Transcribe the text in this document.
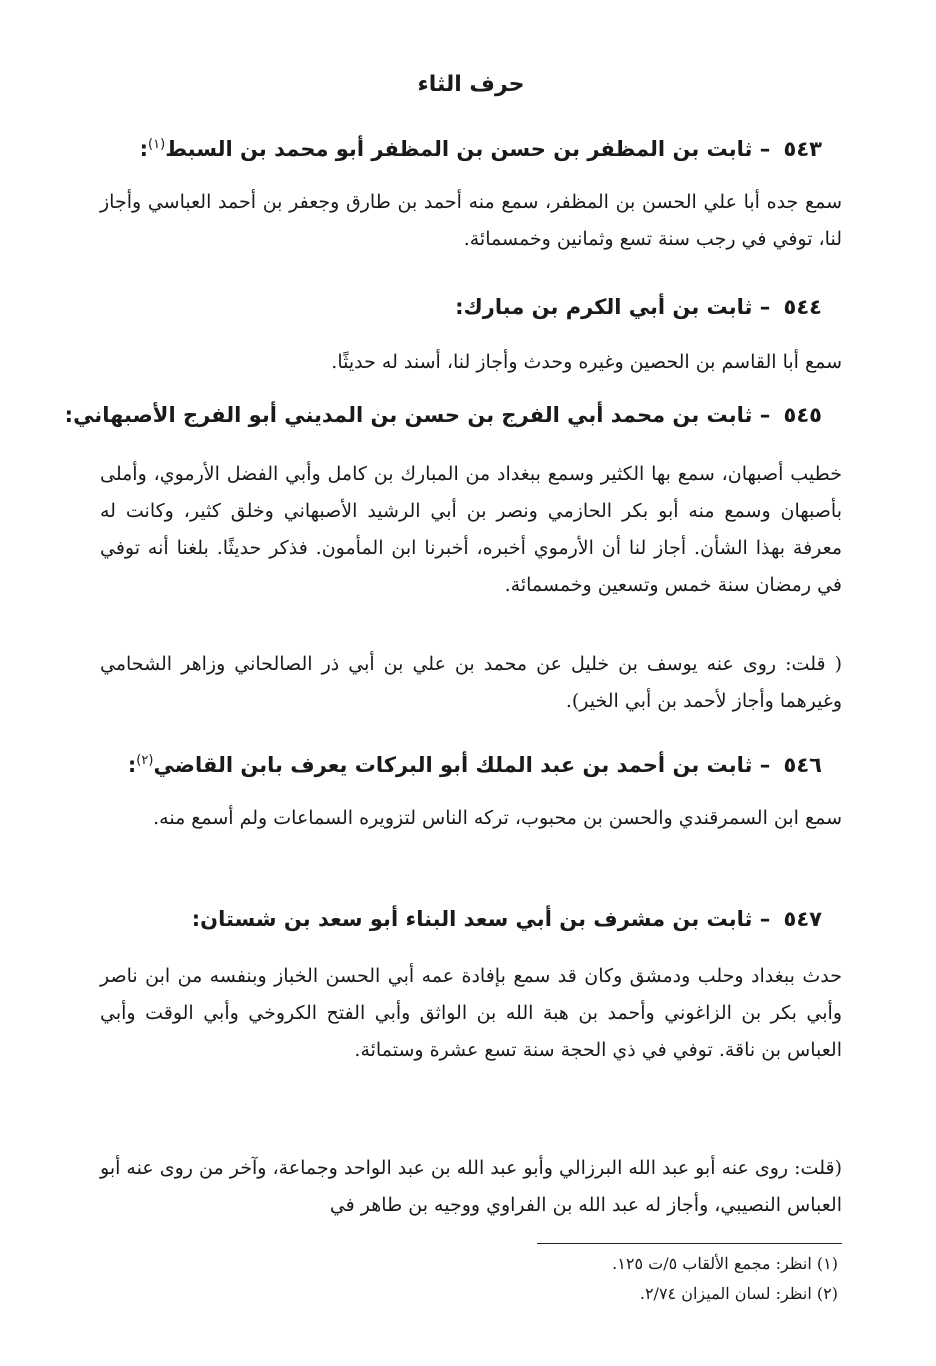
حرف الثاء
٥٤٣ – ثابت بن المظفر بن حسن بن المظفر أبو محمد بن السبط$^{(١)}$:
سمع جده أبا علي الحسن بن المظفر، سمع منه أحمد بن طارق وجعفر بن أحمد العباسي وأجاز لنا، توفي في رجب سنة تسع وثمانين وخمسمائة.
٥٤٤ – ثابت بن أبي الكرم بن مبارك:
سمع أبا القاسم بن الحصين وغيره وحدث وأجاز لنا، أسند له حديثًا.
٥٤٥ – ثابت بن محمد أبي الفرج بن حسن بن المديني أبو الفرج الأصبهاني:
خطيب أصبهان، سمع بها الكثير وسمع ببغداد من المبارك بن كامل وأبي الفضل الأرموي، وأملى بأصبهان وسمع منه أبو بكر الحازمي ونصر بن أبي الرشيد الأصبهاني وخلق كثير، وكانت له معرفة بهذا الشأن. أجاز لنا أن الأرموي أخبره، أخبرنا ابن المأمون. فذكر حديثًا. بلغنا أنه توفي في رمضان سنة خمس وتسعين وخمسمائة.
( قلت: روى عنه يوسف بن خليل عن محمد بن علي بن أبي ذر الصالحاني وزاهر الشحامي وغيرهما وأجاز لأحمد بن أبي الخير).
٥٤٦ – ثابت بن أحمد بن عبد الملك أبو البركات يعرف بابن القاضي$^{(٢)}$:
سمع ابن السمرقندي والحسن بن محبوب، تركه الناس لتزويره السماعات ولم أسمع منه.
٥٤٧ – ثابت بن مشرف بن أبي سعد البناء أبو سعد بن شستان:
حدث ببغداد وحلب ودمشق وكان قد سمع بإفادة عمه أبي الحسن الخباز وبنفسه من ابن ناصر وأبي بكر بن الزاغوني وأحمد بن هبة الله بن الواثق وأبي الفتح الكروخي وأبي الوقت وأبي العباس بن ناقة. توفي في ذي الحجة سنة تسع عشرة وستمائة.
(قلت: روى عنه أبو عبد الله البرزالي وأبو عبد الله بن عبد الواحد وجماعة، وآخر من روى عنه أبو العباس النصيبي، وأجاز له عبد الله بن الفراوي ووجيه بن طاهر في
(١) انظر: مجمع الألقاب ٥/ت ١٢٥.
(٢) انظر: لسان الميزان ٢/٧٤.
